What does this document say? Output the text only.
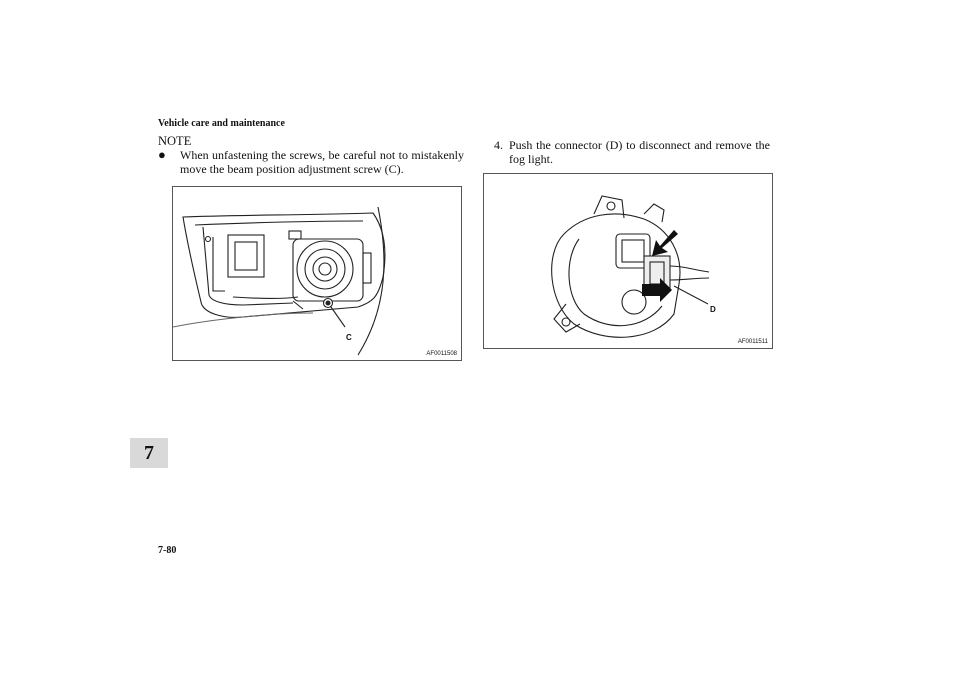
Vehicle care and maintenance
NOTE
● When unfastening the screws, be careful not to mistakenly move the beam position adjustment screw (C).
4. Push the connector (D) to disconnect and remove the fog light.
C
AF0011508
D
AF0011511
7
7-80
